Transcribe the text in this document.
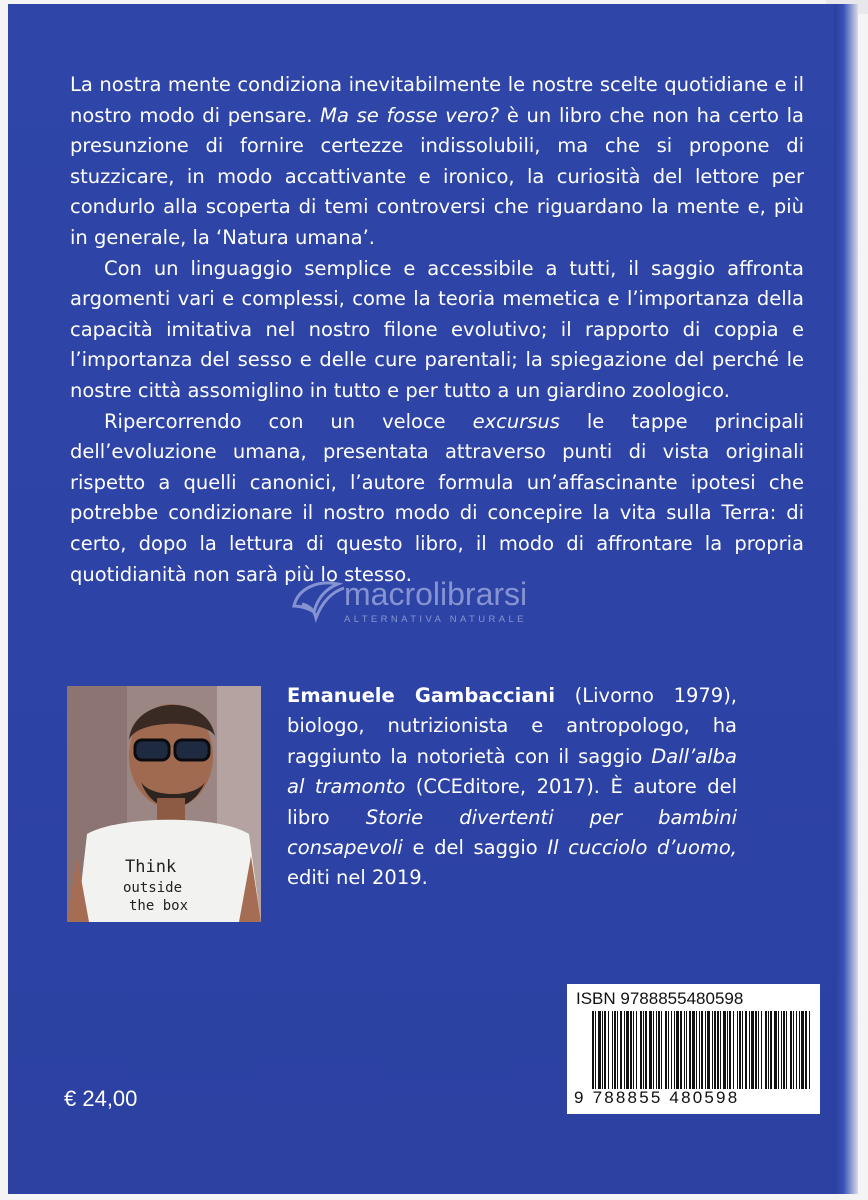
La nostra mente condiziona inevitabilmente le nostre scelte quotidiane e il nostro modo di pensare. Ma se fosse vero? è un libro che non ha certo la presunzione di fornire certezze indissolubili, ma che si propone di stuzzicare, in modo accattivante e ironico, la curiosità del lettore per condurlo alla scoperta di temi controversi che riguardano la mente e, più in generale, la ‘Natura umana’.

Con un linguaggio semplice e accessibile a tutti, il saggio affronta argomenti vari e complessi, come la teoria memetica e l’importanza della capacità imitativa nel nostro filone evolutivo; il rapporto di coppia e l’importanza del sesso e delle cure parentali; la spiegazione del perché le nostre città assomiglino in tutto e per tutto a un giardino zoologico.

Ripercorrendo con un veloce excursus le tappe principali dell’evoluzione umana, presentata attraverso punti di vista originali rispetto a quelli canonici, l’autore formula un’affascinante ipotesi che potrebbe condizionare il nostro modo di concepire la vita sulla Terra: di certo, dopo la lettura di questo libro, il modo di affrontare la propria quotidianità non sarà più lo stesso.

macrolibrarsi
ALTERNATIVA NATURALE
Think
outside
the box
Emanuele Gambacciani (Livorno 1979), biologo, nutrizionista e antropologo, ha raggiunto la notorietà con il saggio Dall’alba al tramonto (CCEditore, 2017). È autore del libro Storie divertenti per bambini consapevoli e del saggio Il cucciolo d’uomo, editi nel 2019.
ISBN 9788855480598
9 788855 480598
€ 24,00
